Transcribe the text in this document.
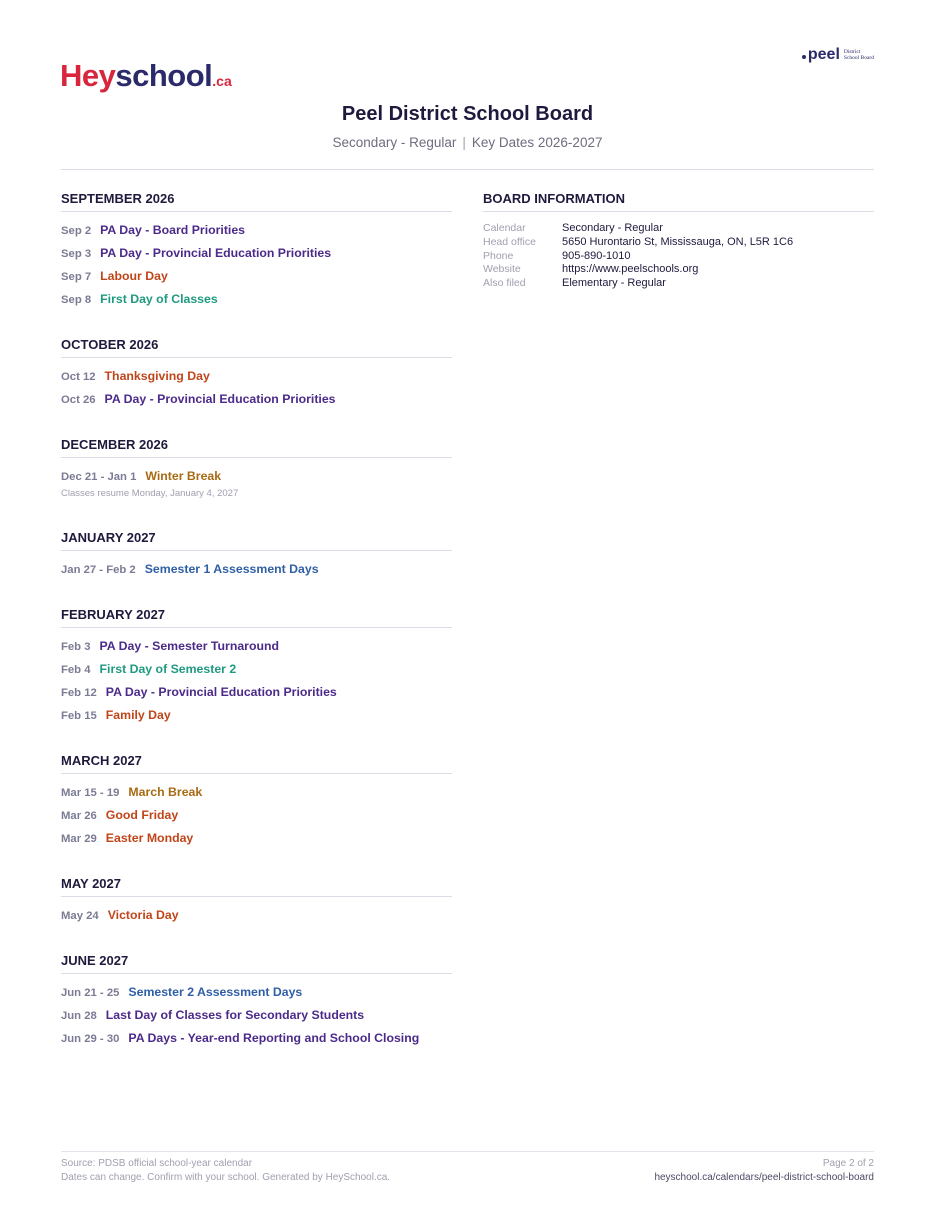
Heyschool.ca
peel District
School Board
Peel District School Board
Secondary - Regular | Key Dates 2026-2027
SEPTEMBER 2026
Sep 2 PA Day - Board Priorities
Sep 3 PA Day - Provincial Education Priorities
Sep 7 Labour Day
Sep 8 First Day of Classes
OCTOBER 2026
Oct 12 Thanksgiving Day
Oct 26 PA Day - Provincial Education Priorities
DECEMBER 2026
Dec 21 - Jan 1 Winter Break
Classes resume Monday, January 4, 2027
JANUARY 2027
Jan 27 - Feb 2 Semester 1 Assessment Days
FEBRUARY 2027
Feb 3 PA Day - Semester Turnaround
Feb 4 First Day of Semester 2
Feb 12 PA Day - Provincial Education Priorities
Feb 15 Family Day
MARCH 2027
Mar 15 - 19 March Break
Mar 26 Good Friday
Mar 29 Easter Monday
MAY 2027
May 24 Victoria Day
JUNE 2027
Jun 21 - 25 Semester 2 Assessment Days
Jun 28 Last Day of Classes for Secondary Students
Jun 29 - 30 PA Days - Year-end Reporting and School Closing
BOARD INFORMATION
Calendar	Secondary - Regular
Head office	5650 Hurontario St, Mississauga, ON, L5R 1C6
Phone	905-890-1010
Website	https://www.peelschools.org
Also filed	Elementary - Regular
Source: PDSB official school-year calendar
Dates can change. Confirm with your school. Generated by HeySchool.ca.
Page 2 of 2
heyschool.ca/calendars/peel-district-school-board
